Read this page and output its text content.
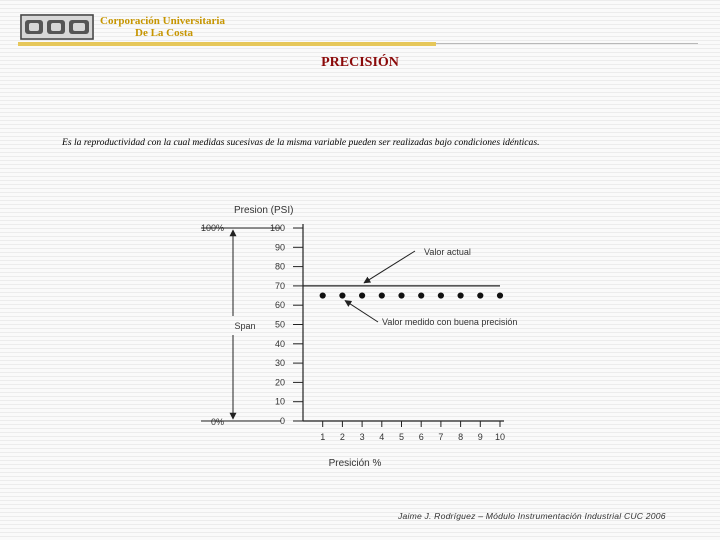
Corporación Universitaria
De La Costa
PRECISIÓN
Es la reproductividad con la cual medidas sucesivas de la misma variable pueden ser realizadas bajo condiciones idénticas.
Presion (PSI)
Presición %
100%
0%
Span
Valor actual
Valor medido con buena precisión
0
10
20
30
40
50
60
70
80
90
100
1 2 3 4 5 6 7 8 9 10
Jaime J. Rodríguez – Módulo Instrumentación Industrial CUC 2006
